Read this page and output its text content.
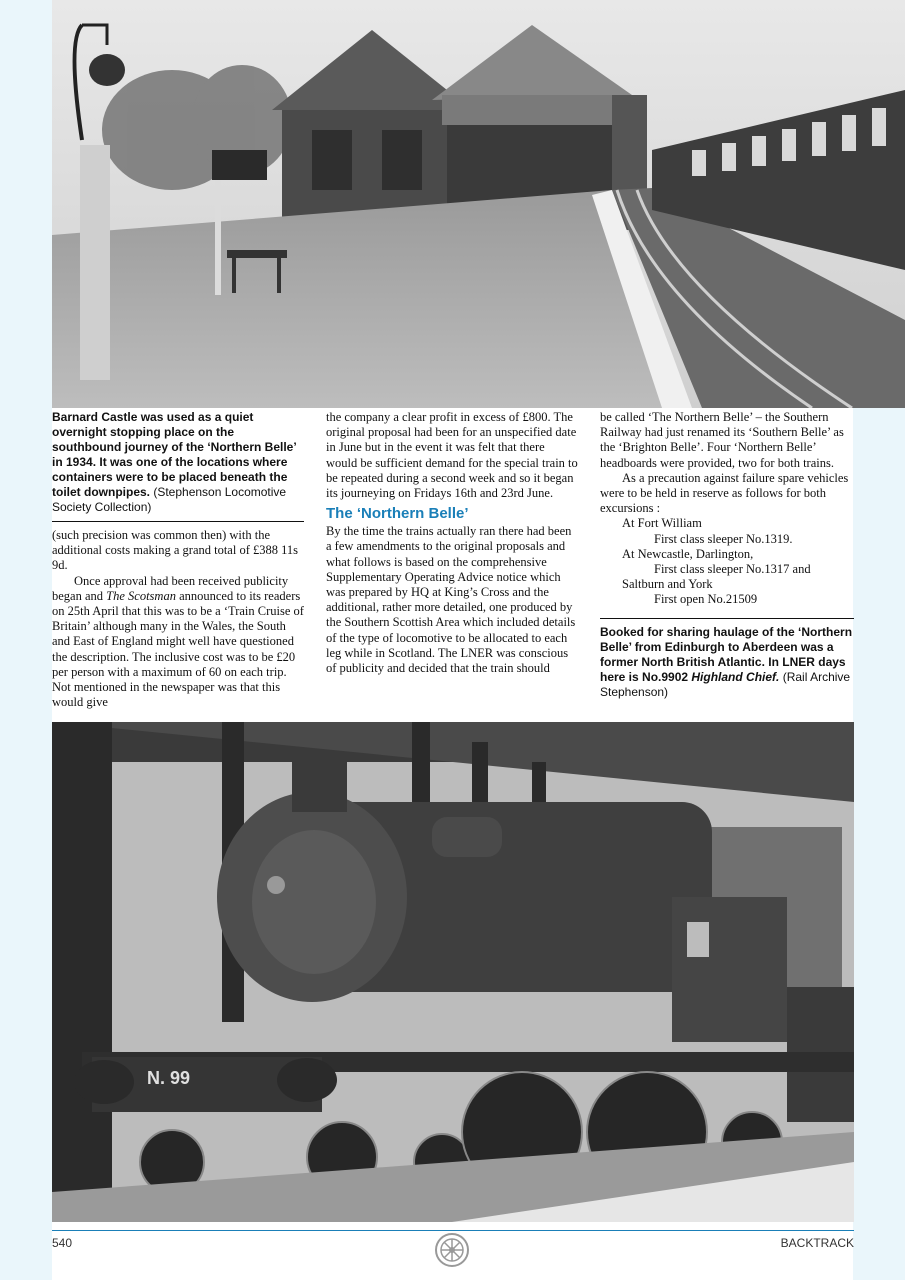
Barnard Castle was used as a quiet overnight stopping place on the southbound journey of the ‘Northern Belle’ in 1934. It was one of the locations where containers were to be placed beneath the toilet downpipes. (Stephenson Locomotive Society Collection)

(such precision was common then) with the additional costs making a grand total of £388 11s 9d.

Once approval had been received publicity began and The Scotsman announced to its readers on 25th April that this was to be a ‘Train Cruise of Britain’ although many in the Wales, the South and East of England might well have questioned the description. The inclusive cost was to be £20 per person with a maximum of 60 on each trip. Not mentioned in the newspaper was that this would give

the company a clear profit in excess of £800. The original proposal had been for an unspecified date in June but in the event it was felt that there would be sufficient demand for the special train to be repeated during a second week and so it began its journeying on Fridays 16th and 23rd June.

The ‘Northern Belle’

By the time the trains actually ran there had been a few amendments to the original proposals and what follows is based on the comprehensive Supplementary Operating Advice notice which was prepared by HQ at King’s Cross and the additional, rather more detailed, one produced by the Southern Scottish Area which included details of the type of locomotive to be allocated to each leg while in Scotland. The LNER was conscious of publicity and decided that the train should

be called ‘The Northern Belle’ – the Southern Railway had just renamed its ‘Southern Belle’ as the ‘Brighton Belle’. Four ‘Northern Belle’ headboards were provided, two for both trains.

As a precaution against failure spare vehicles were to be held in reserve as follows for both excursions :

At Fort William
First class sleeper No.1319.
At Newcastle, Darlington,
First class sleeper No.1317 and
Saltburn and York
First open No.21509

Booked for sharing haulage of the ‘Northern Belle’ from Edinburgh to Aberdeen was a former North British Atlantic. In LNER days here is No.9902 Highland Chief. (Rail Archive Stephenson)

N. 99
540	BACKTRACK
